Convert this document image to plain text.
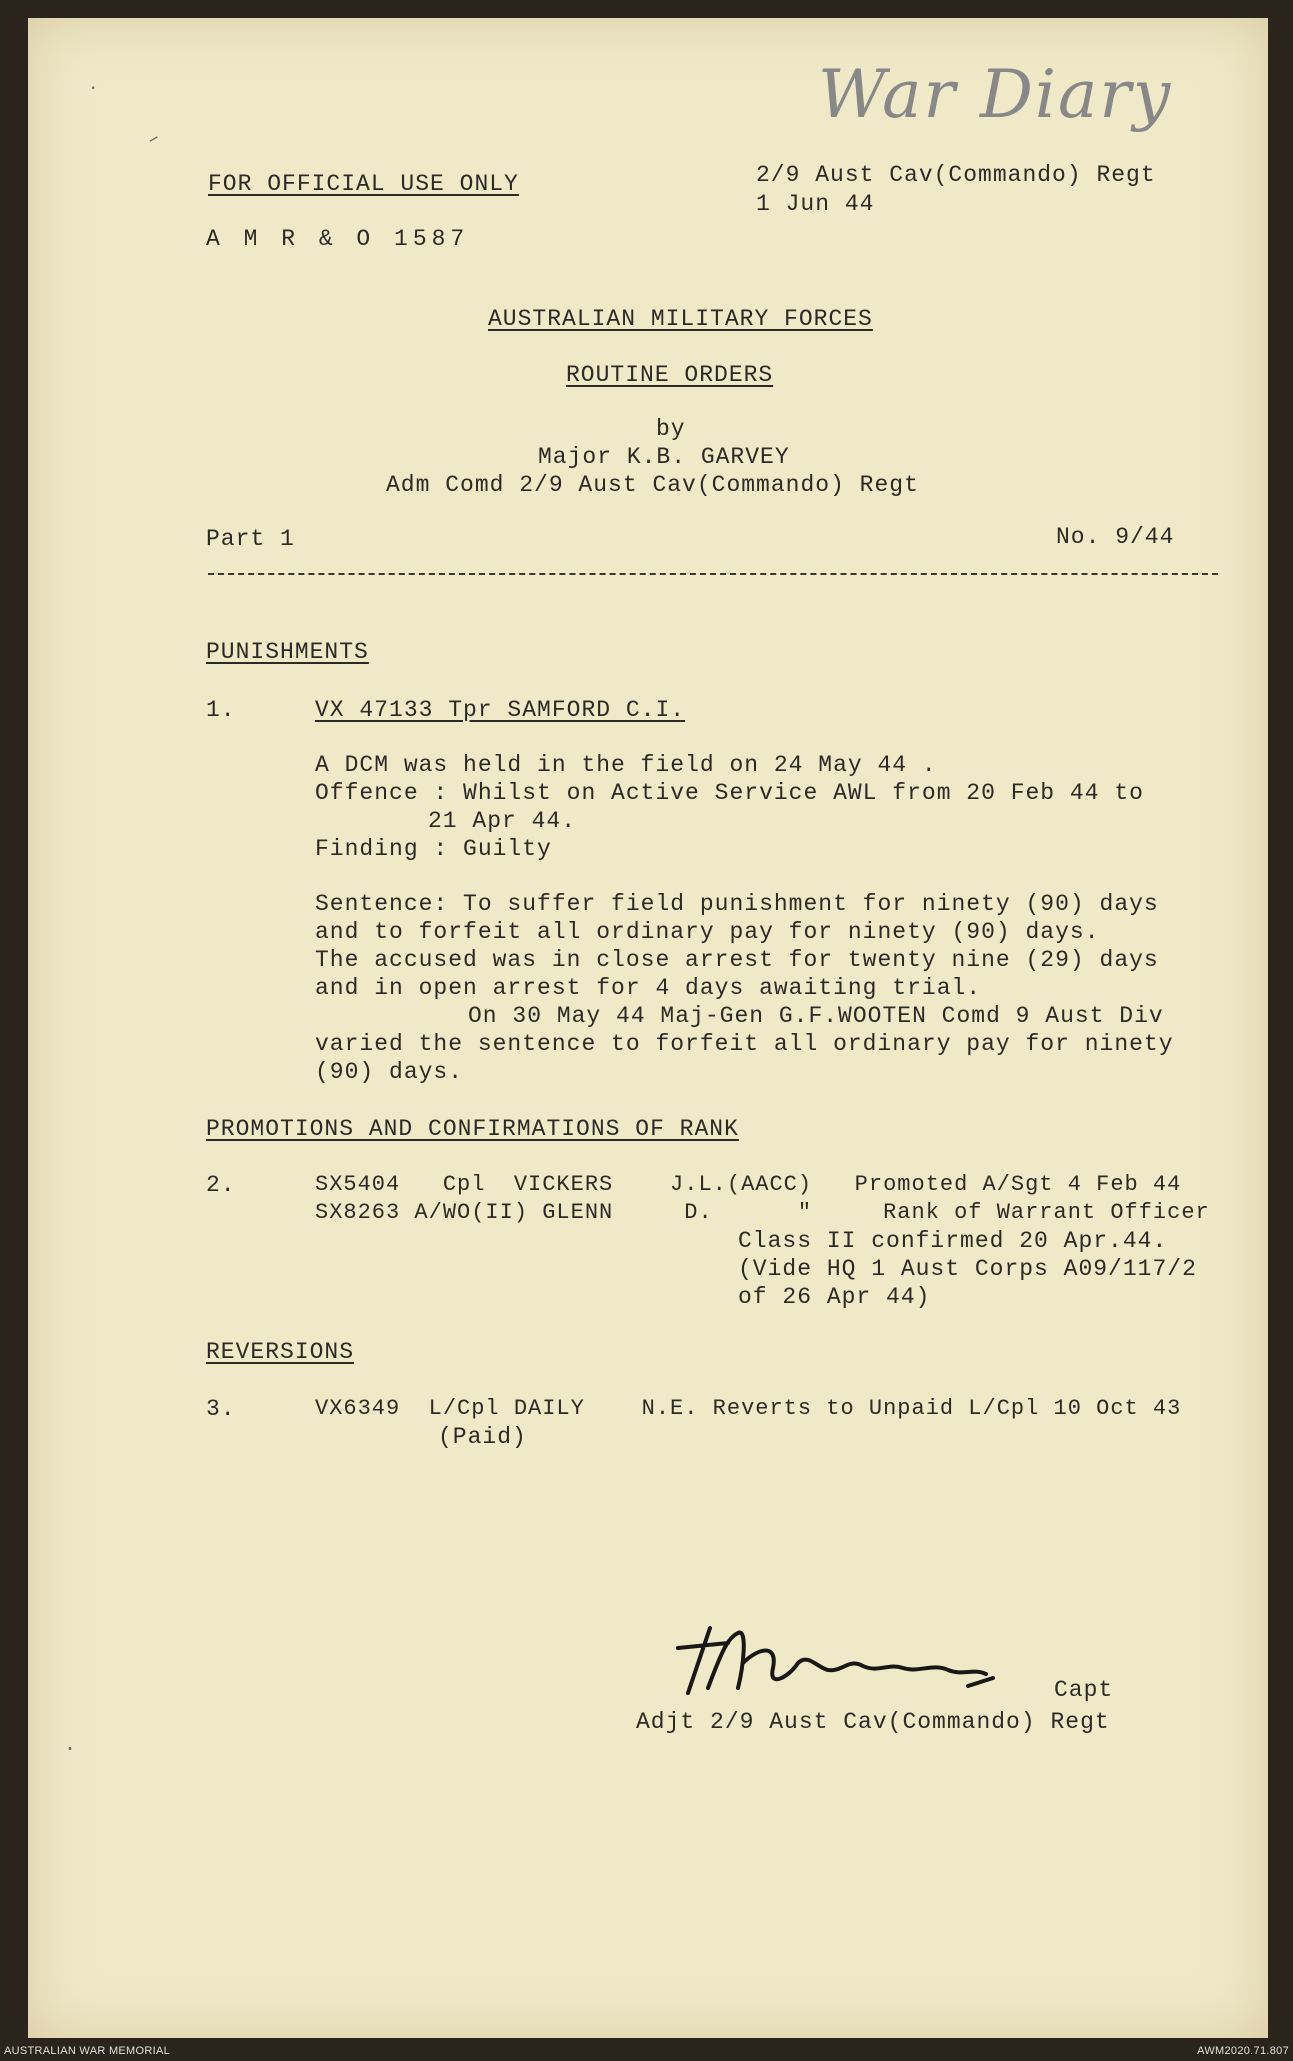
War Diary
‧
–
FOR OFFICIAL USE ONLY
A M R & O 1587
2/9 Aust Cav(Commando) Regt
1 Jun 44
AUSTRALIAN MILITARY FORCES
ROUTINE ORDERS
by
Major K.B. GARVEY
Adm Comd 2/9 Aust Cav(Commando) Regt
Part 1	No. 9/44
PUNISHMENTS
1.	VX 47133 Tpr SAMFORD C.I.
A DCM was held in the field on 24 May 44 .
Offence : Whilst on Active Service AWL from 20 Feb 44 to
21 Apr 44.
Finding : Guilty
Sentence: To suffer field punishment for ninety (90) days
and to forfeit all ordinary pay for ninety (90) days.
The accused was in close arrest for twenty nine (29) days
and in open arrest for 4 days awaiting trial.
On 30 May 44 Maj-Gen G.F.WOOTEN Comd 9 Aust Div
varied the sentence to forfeit all ordinary pay for ninety
(90) days.
PROMOTIONS AND CONFIRMATIONS OF RANK
2.	SX5404   Cpl  VICKERS    J.L.(AACC)   Promoted A/Sgt 4 Feb 44
SX8263 A/WO(II) GLENN     D.      "     Rank of Warrant Officer
Class II confirmed 20 Apr.44.
(Vide HQ 1 Aust Corps A09/117/2
of 26 Apr 44)
REVERSIONS
3.	VX6349  L/Cpl DAILY    N.E. Reverts to Unpaid L/Cpl 10 Oct 43
(Paid)
Capt
Adjt 2/9 Aust Cav(Commando) Regt
·
AUSTRALIAN WAR MEMORIAL	AWM2020.71.807
